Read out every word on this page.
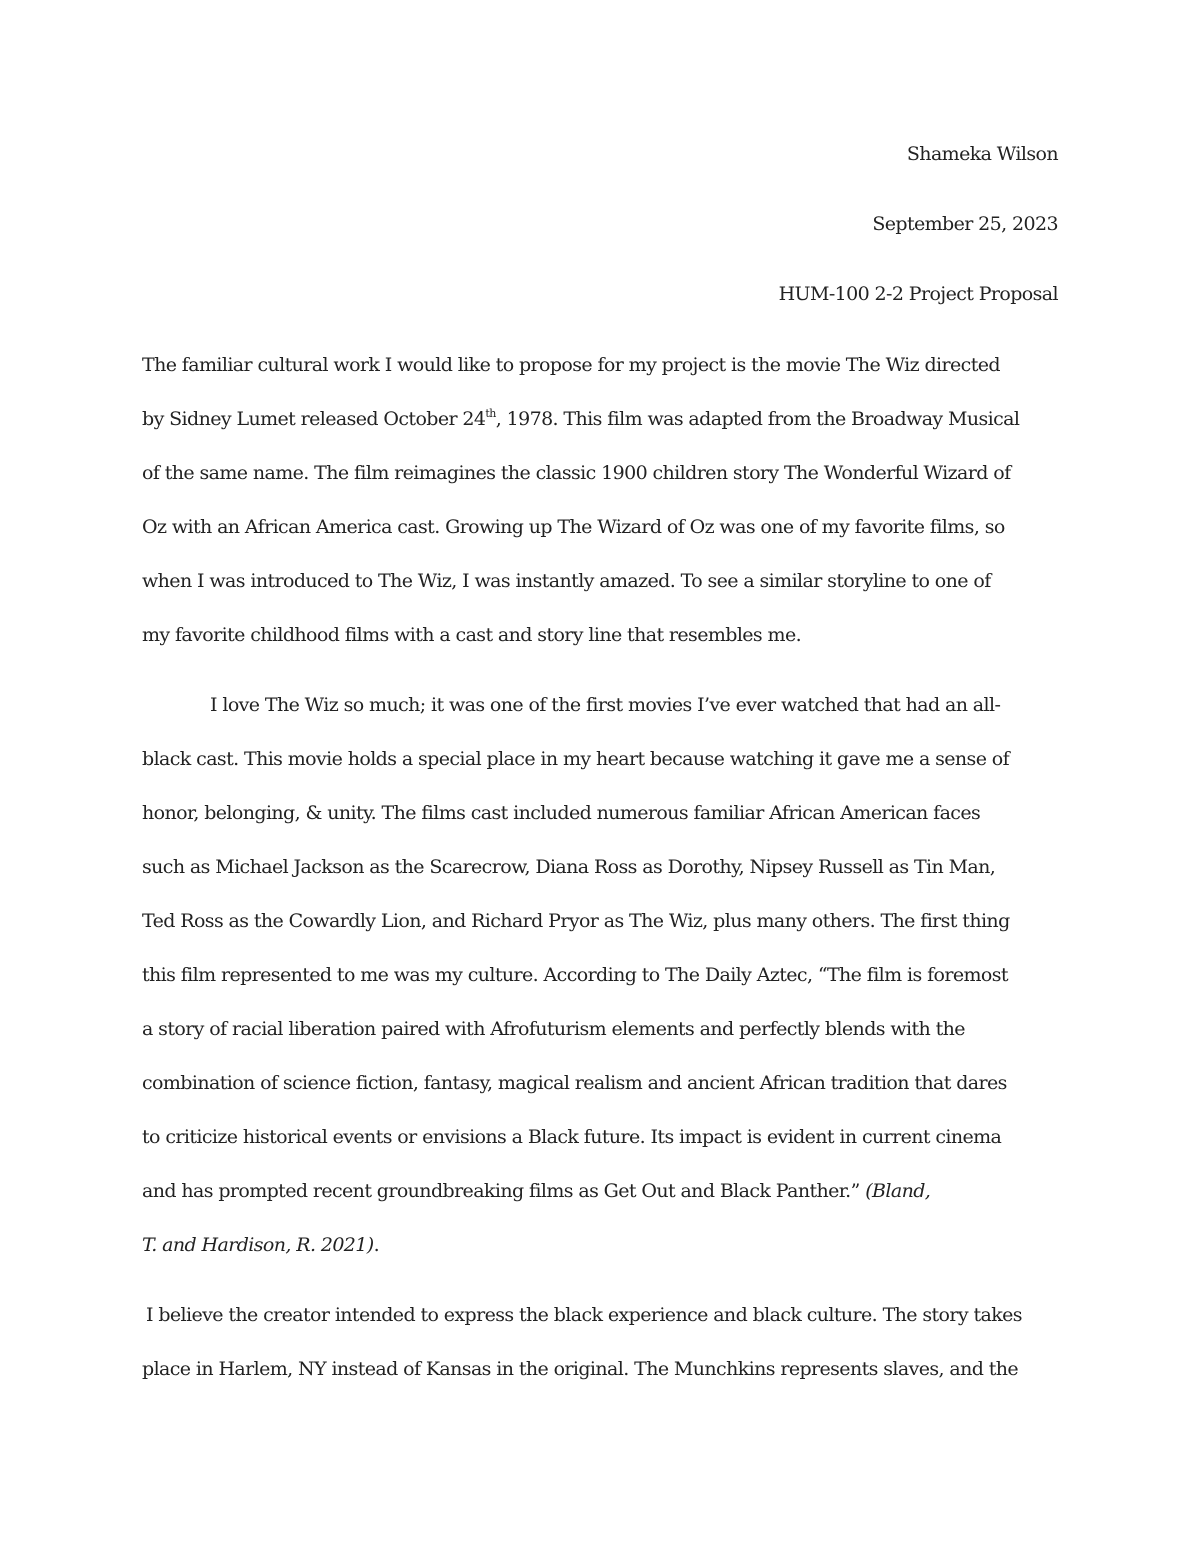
Shameka Wilson
September 25, 2023
HUM-100 2-2 Project Proposal
The familiar cultural work I would like to propose for my project is the movie The Wiz directed
by Sidney Lumet released October 24th, 1978. This film was adapted from the Broadway Musical
of the same name. The film reimagines the classic 1900 children story The Wonderful Wizard of
Oz with an African America cast. Growing up The Wizard of Oz was one of my favorite films, so
when I was introduced to The Wiz, I was instantly amazed. To see a similar storyline to one of
my favorite childhood films with a cast and story line that resembles me.
I love The Wiz so much; it was one of the first movies I’ve ever watched that had an all-
black cast. This movie holds a special place in my heart because watching it gave me a sense of
honor, belonging, & unity. The films cast included numerous familiar African American faces
such as Michael Jackson as the Scarecrow, Diana Ross as Dorothy, Nipsey Russell as Tin Man,
Ted Ross as the Cowardly Lion, and Richard Pryor as The Wiz, plus many others. The first thing
this film represented to me was my culture. According to The Daily Aztec, “The film is foremost
a story of racial liberation paired with Afrofuturism elements and perfectly blends with the
combination of science fiction, fantasy, magical realism and ancient African tradition that dares
to criticize historical events or envisions a Black future. Its impact is evident in current cinema
and has prompted recent groundbreaking films as Get Out and Black Panther.” (Bland,
T. and Hardison, R. 2021).
I believe the creator intended to express the black experience and black culture. The story takes
place in Harlem, NY instead of Kansas in the original. The Munchkins represents slaves, and the
